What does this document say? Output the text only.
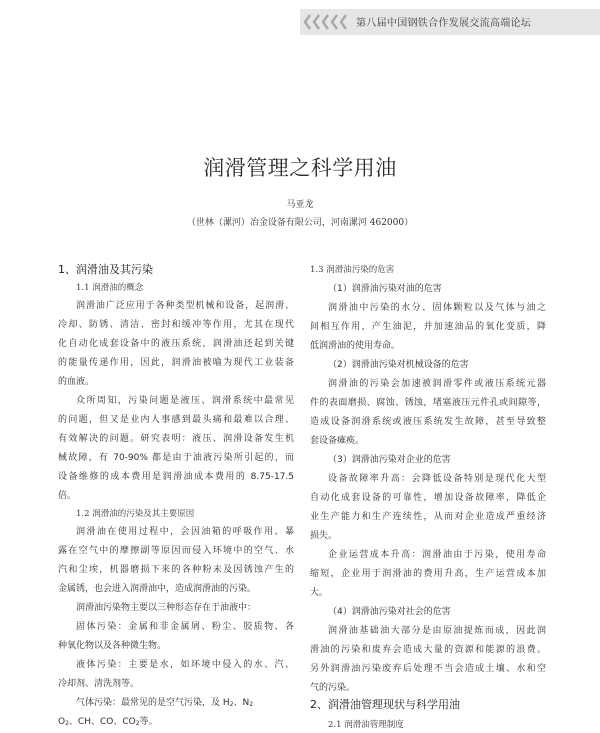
第八届中国钢铁合作发展交流高端论坛
润滑管理之科学用油
马亚龙
（世林（漯河）冶金设备有限公司，河南漯河 462000）
1、润滑油及其污染
1.1 润滑油的概念
润滑油广泛应用于各种类型机械和设备，起润滑、
冷却、防锈、清洁、密封和缓冲等作用，尤其在现代
化自动化成套设备中的液压系统，润滑油还起到关键
的能量传递作用，因此，润滑油被喻为现代工业装备
的血液。
众所周知，污染问题是液压、润滑系统中最常见
的问题，但又是业内人事感到最头痛和最难以合理、
有效解决的问题。研究表明：液压、润滑设备发生机
械故障，有 70-90% 都是由于油液污染所引起的，而
设备维修的成本费用是润滑油成本费用的 8.75-17.5
倍。
1.2 润滑油的污染及其主要原因
润滑油在使用过程中，会因油箱的呼吸作用、暴
露在空气中的摩擦副等原因而侵入环境中的空气、水
汽和尘埃，机器磨损下来的各种粉末及因锈蚀产生的
金属锈，也会进入润滑油中，造成润滑油的污染。
润滑油污染物主要以三种形态存在于油液中：
固体污染：金属和非金属屑、粉尘、胶质物、各
种氧化物以及各种微生物。
液体污染：主要是水，如环境中侵入的水、汽、
冷却剂、清洗剂等。
气体污染：最常见的是空气污染，及 $H_2$、$N_2$
$O_2$、CH、CO、$CO_2$等。
1.3 润滑油污染的危害
（1）润滑油污染对油的危害
润滑油中污染的水分、固体颗粒以及气体与油之
间相互作用，产生油泥，并加速油品的氧化变质，降
低润滑油的使用寿命。
（2）润滑油污染对机械设备的危害
润滑油的污染会加速被润滑零件或液压系统元器
件的表面磨损、腐蚀、锈蚀，堵塞液压元件孔或间隙等，
造成设备润滑系统或液压系统发生故障，甚至导致整
套设备瘫痪。
（3）润滑油污染对企业的危害
设备故障率升高：会降低设备特别是现代化大型
自动化成套设备的可靠性，增加设备故障率，降低企
业生产能力和生产连续性，从而对企业造成严重经济
损失。
企业运营成本升高：润滑油由于污染，使用寿命
缩短，企业用于润滑油的费用升高，生产运营成本加
大。
（4）润滑油污染对社会的危害
润滑油基础油大部分是由原油提炼而成，因此润
滑油的污染和废弃会造成大量的资源和能源的浪费。
另外润滑油污染废弃后处理不当会造成土壤、水和空
气的污染。
2、润滑油管理现状与科学用油
2.1 润滑油管理制度
